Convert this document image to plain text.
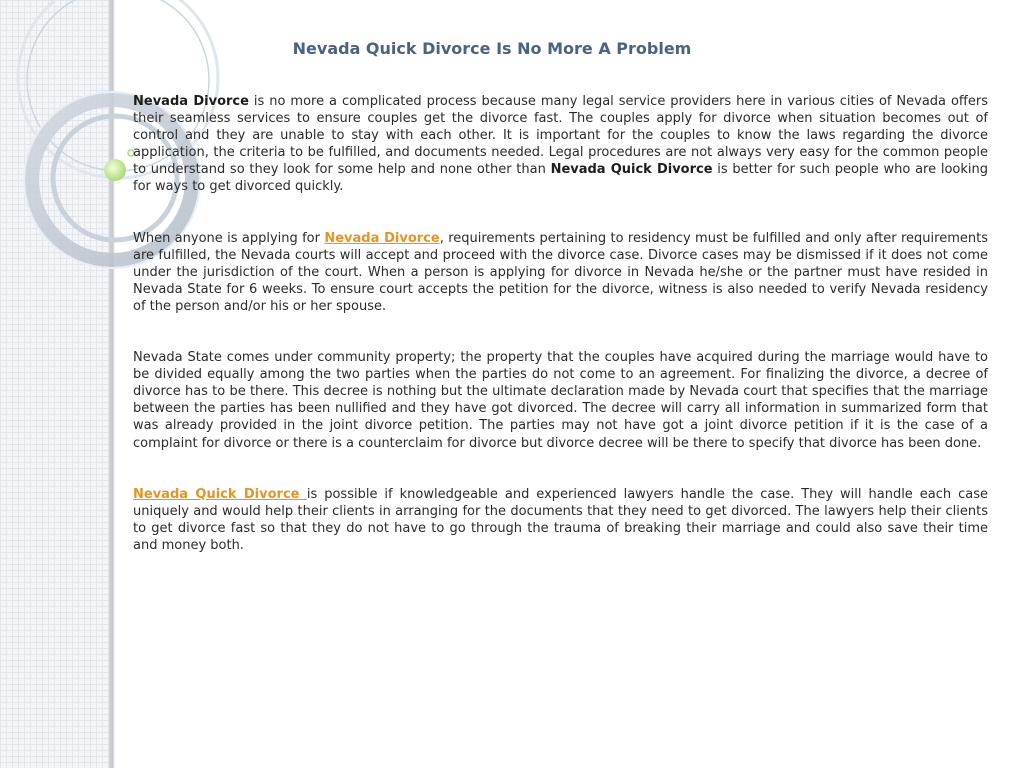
Nevada Quick Divorce Is No More A Problem

Nevada Divorce is no more a complicated process because many legal service providers here in various cities of Nevada offers their seamless services to ensure couples get the divorce fast. The couples apply for divorce when situation becomes out of control and they are unable to stay with each other. It is important for the couples to know the laws regarding the divorce application, the criteria to be fulfilled, and documents needed. Legal procedures are not always very easy for the common people to understand so they look for some help and none other than Nevada Quick Divorce is better for such people who are looking for ways to get divorced quickly.

When anyone is applying for Nevada Divorce, requirements pertaining to residency must be fulfilled and only after requirements are fulfilled, the Nevada courts will accept and proceed with the divorce case. Divorce cases may be dismissed if it does not come under the jurisdiction of the court. When a person is applying for divorce in Nevada he/she or the partner must have resided in Nevada State for 6 weeks. To ensure court accepts the petition for the divorce, witness is also needed to verify Nevada residency of the person and/or his or her spouse.

Nevada State comes under community property; the property that the couples have acquired during the marriage would have to be divided equally among the two parties when the parties do not come to an agreement. For finalizing the divorce, a decree of divorce has to be there. This decree is nothing but the ultimate declaration made by Nevada court that specifies that the marriage between the parties has been nullified and they have got divorced. The decree will carry all information in summarized form that was already provided in the joint divorce petition. The parties may not have got a joint divorce petition if it is the case of a complaint for divorce or there is a counterclaim for divorce but divorce decree will be there to specify that divorce has been done.

Nevada Quick Divorce is possible if knowledgeable and experienced lawyers handle the case. They will handle each case uniquely and would help their clients in arranging for the documents that they need to get divorced. The lawyers help their clients to get divorce fast so that they do not have to go through the trauma of breaking their marriage and could also save their time and money both.
